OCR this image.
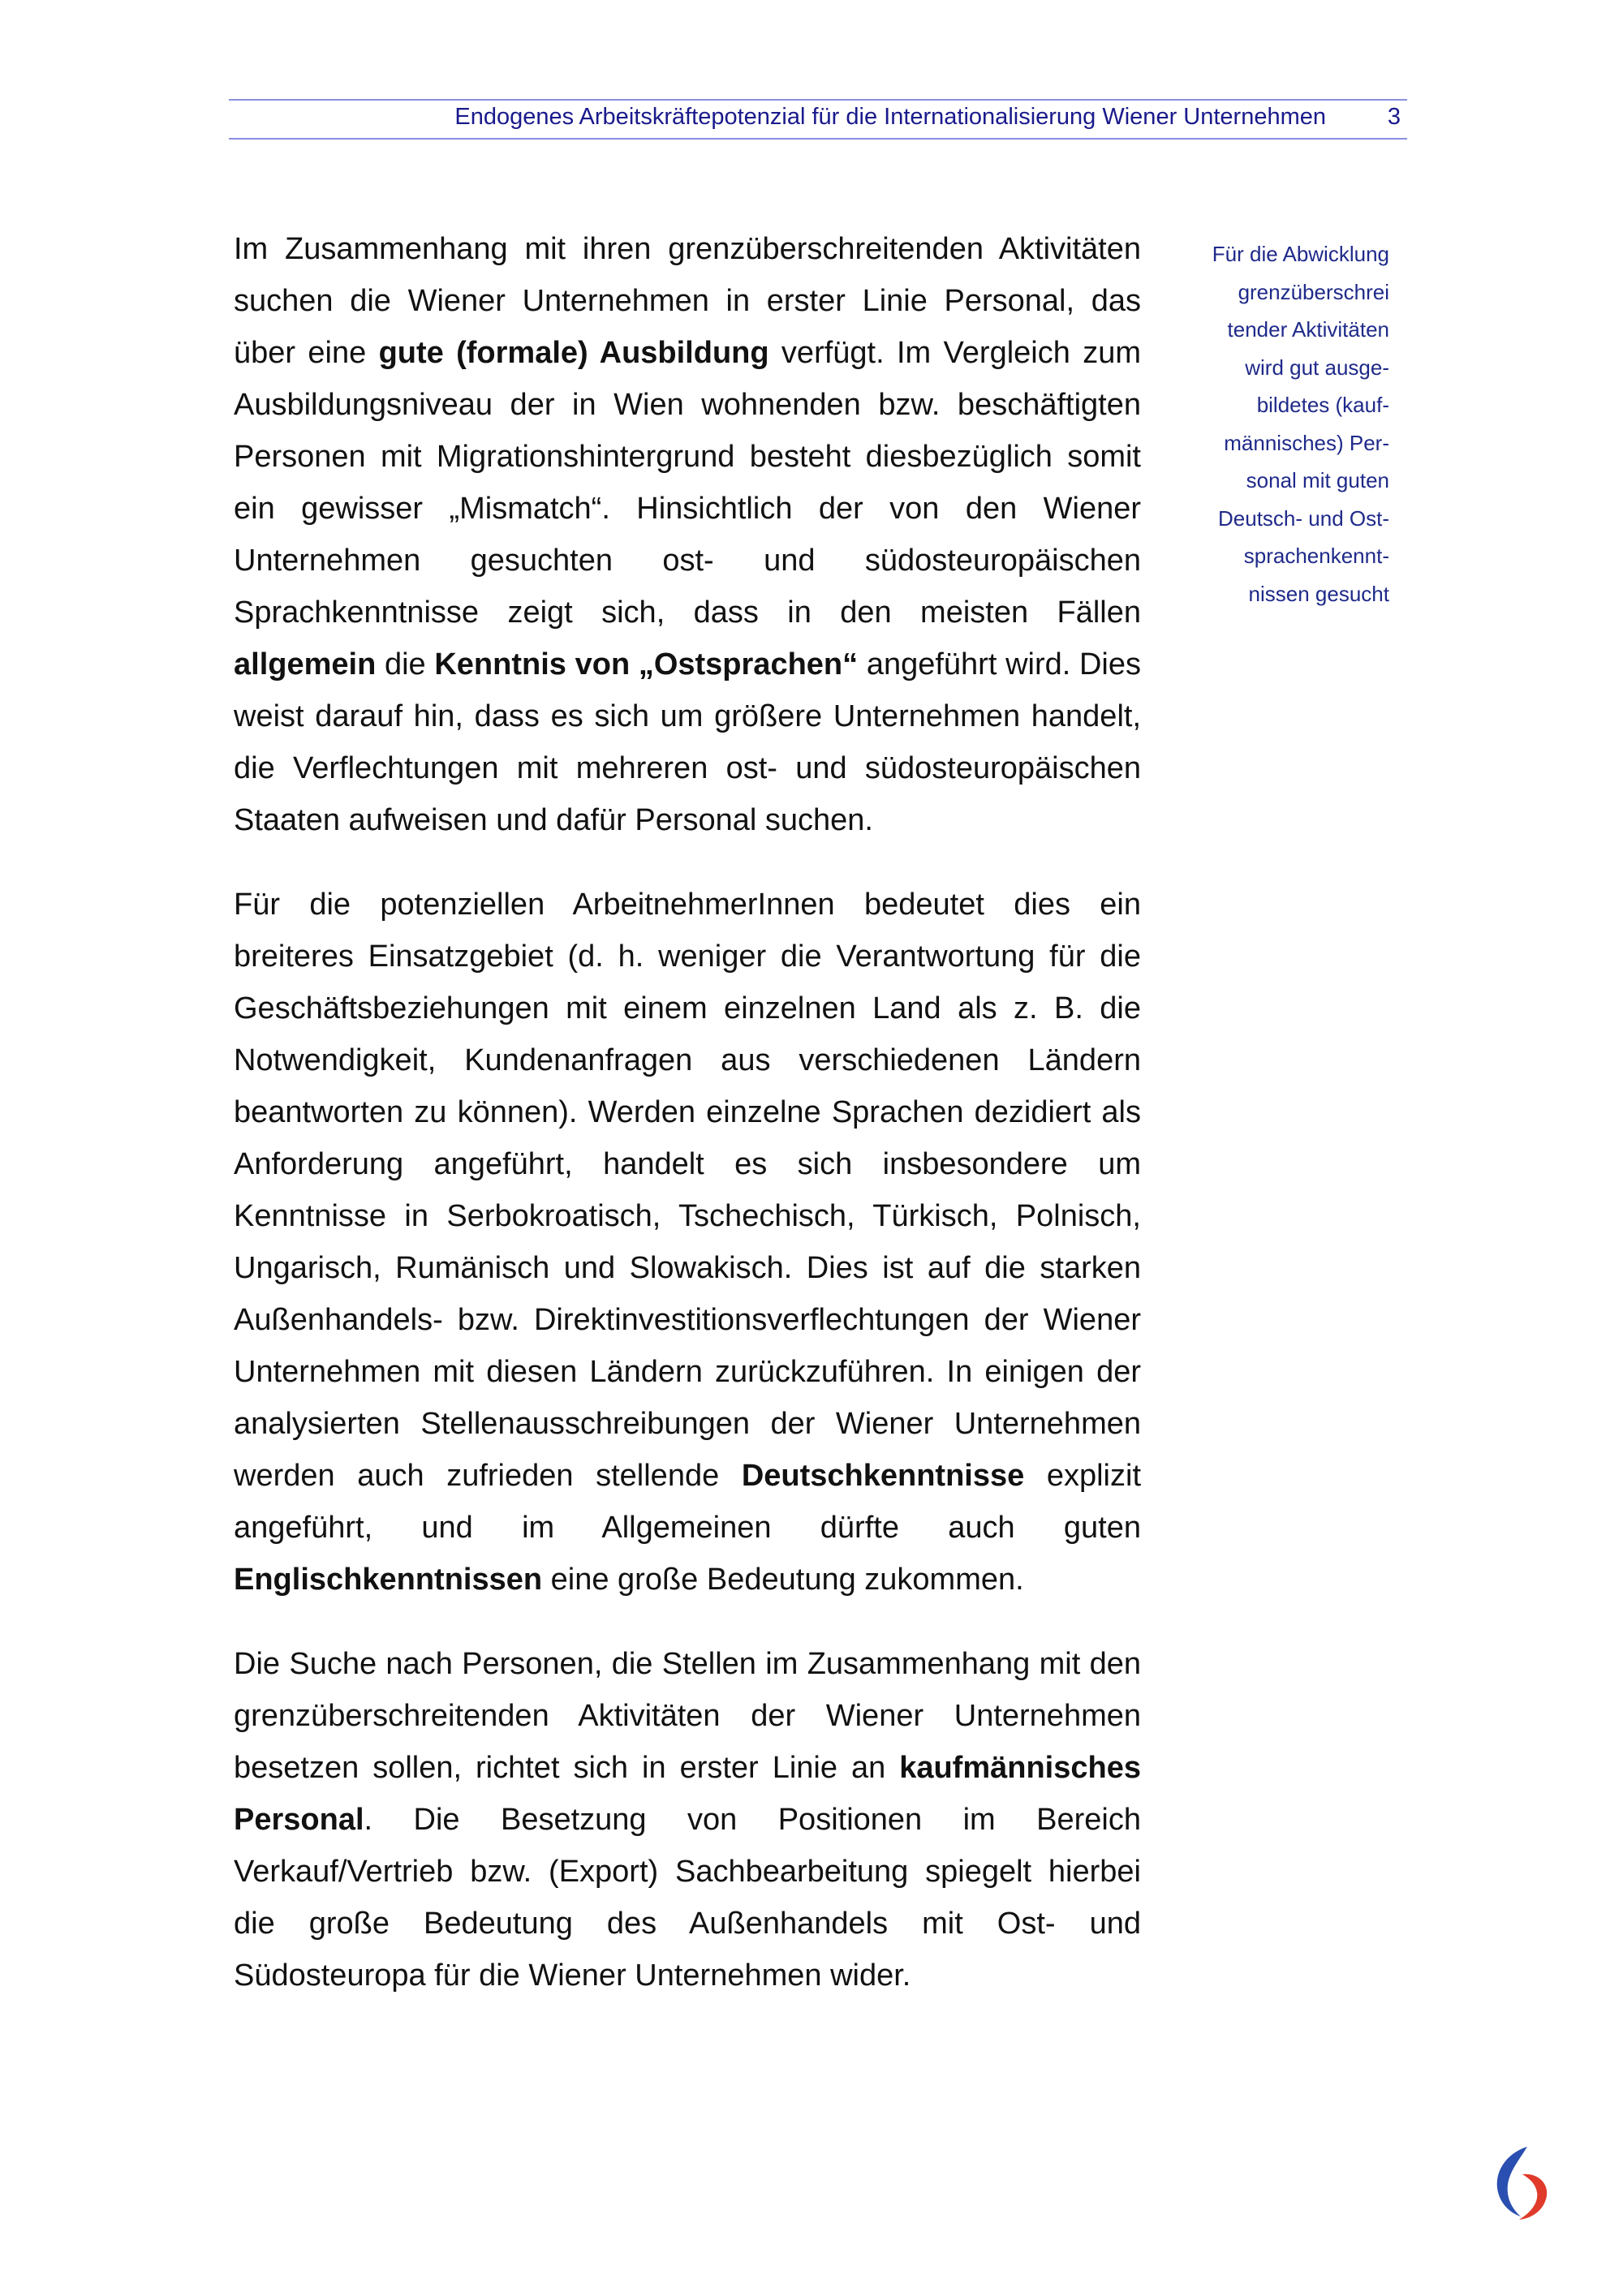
Endogenes Arbeitskräftepotenzial für die Internationalisierung Wiener Unternehmen	3

Im Zusammenhang mit ihren grenzüberschreitenden Aktivitäten suchen die Wiener Unternehmen in erster Linie Personal, das über eine gute (formale) Ausbildung verfügt. Im Vergleich zum Ausbildungsniveau der in Wien wohnenden bzw. beschäftigten Personen mit Migrationshintergrund besteht diesbezüglich somit ein gewisser „Mismatch“. Hinsichtlich der von den Wiener Unternehmen gesuchten ost- und südosteuropäischen Sprachkenntnisse zeigt sich, dass in den meisten Fällen allgemein die Kenntnis von „Ostsprachen“ angeführt wird. Dies weist darauf hin, dass es sich um größere Unternehmen handelt, die Verflechtungen mit mehreren ost- und südosteuropäischen Staaten aufweisen und dafür Personal suchen.

Für die potenziellen ArbeitnehmerInnen bedeutet dies ein breiteres Einsatzgebiet (d. h. weniger die Verantwortung für die Geschäftsbeziehungen mit einem einzelnen Land als z. B. die Notwendigkeit, Kundenanfragen aus verschiedenen Ländern beantworten zu können). Werden einzelne Sprachen dezidiert als Anforderung angeführt, handelt es sich insbesondere um Kenntnisse in Serbokroatisch, Tschechisch, Türkisch, Polnisch, Ungarisch, Rumänisch und Slowakisch. Dies ist auf die starken Außenhandels- bzw. Direktinvestitionsverflechtungen der Wiener Unternehmen mit diesen Ländern zurückzuführen. In einigen der analysierten Stellenausschreibungen der Wiener Unternehmen werden auch zufrieden stellende Deutschkenntnisse explizit angeführt, und im Allgemeinen dürfte auch guten Englischkenntnissen eine große Bedeutung zukommen.

Die Suche nach Personen, die Stellen im Zusammenhang mit den grenzüberschreitenden Aktivitäten der Wiener Unternehmen besetzen sollen, richtet sich in erster Linie an kaufmännisches Personal. Die Besetzung von Positionen im Bereich Verkauf/Vertrieb bzw. (Export) Sachbearbeitung spiegelt hierbei die große Bedeutung des Außenhandels mit Ost- und Südosteuropa für die Wiener Unternehmen wider.

Für die Abwicklung
grenzüberschrei
tender Aktivitäten
wird gut ausge-
bildetes (kauf-
männisches) Per-
sonal mit guten
Deutsch- und Ost-
sprachenkennt-
nissen gesucht
